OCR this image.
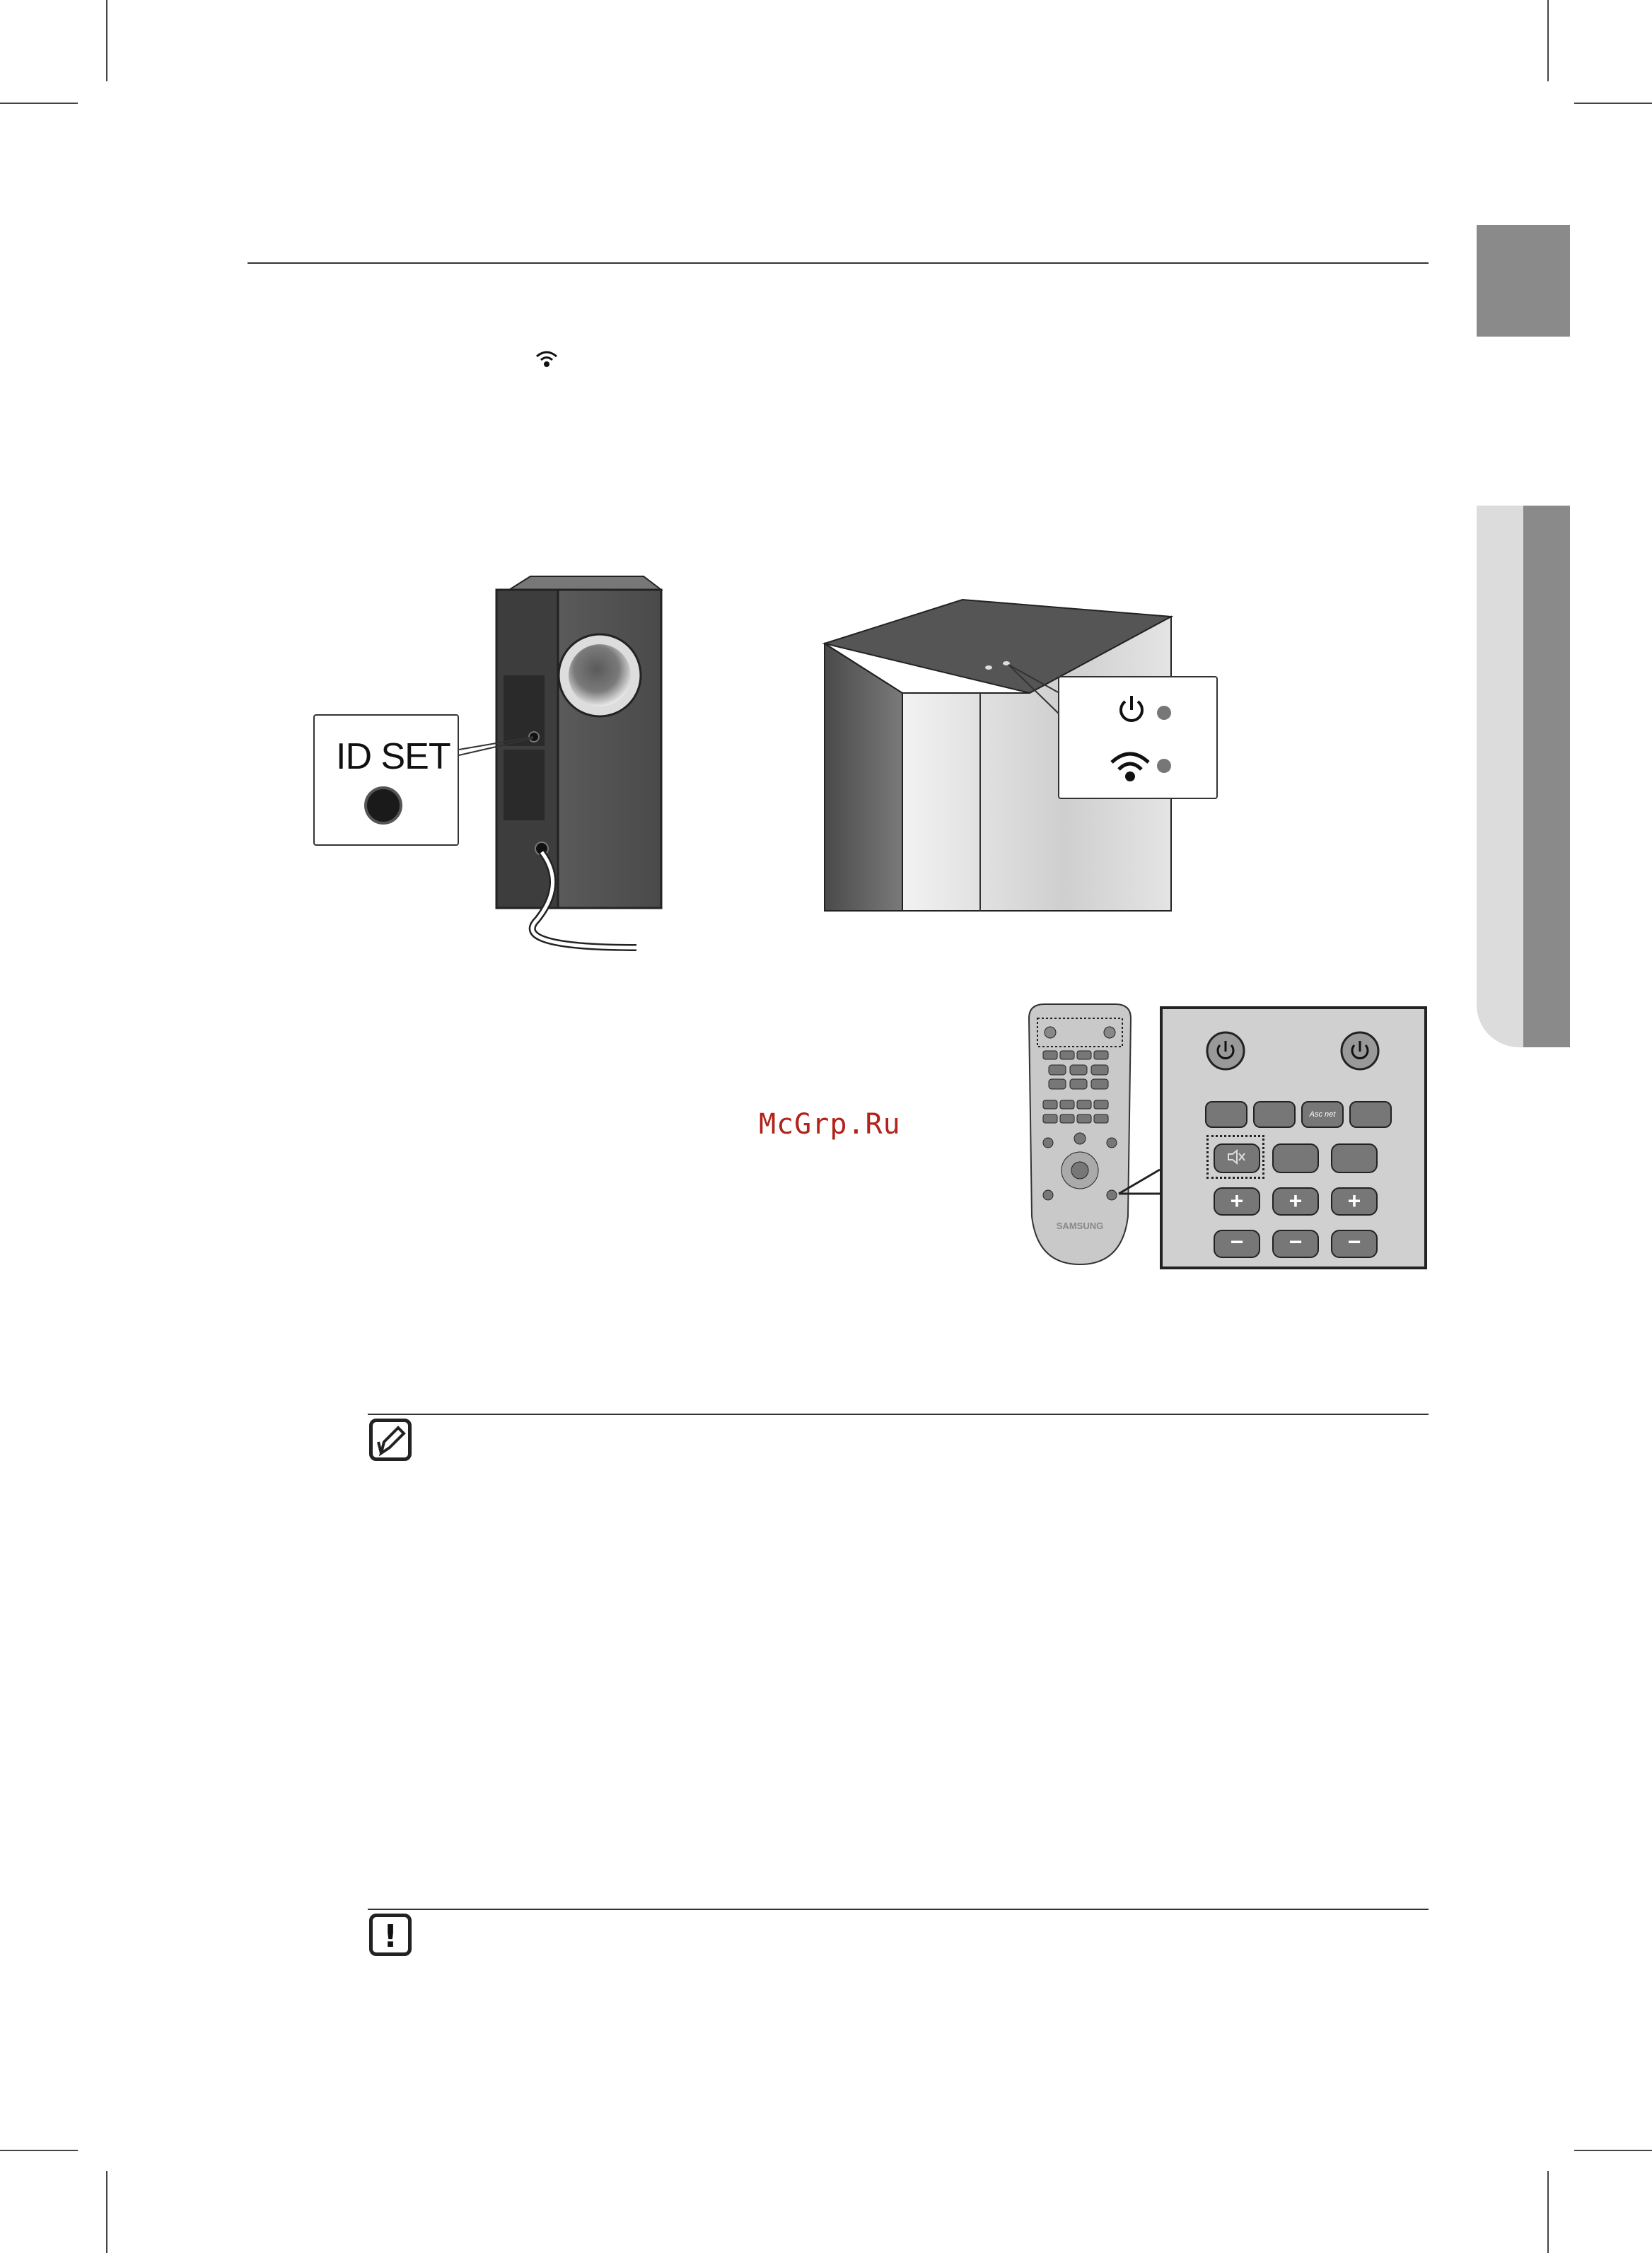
ID SET
McGrp.Ru
SAMSUNG
Asc net
+	+	+
−	−	−
!
